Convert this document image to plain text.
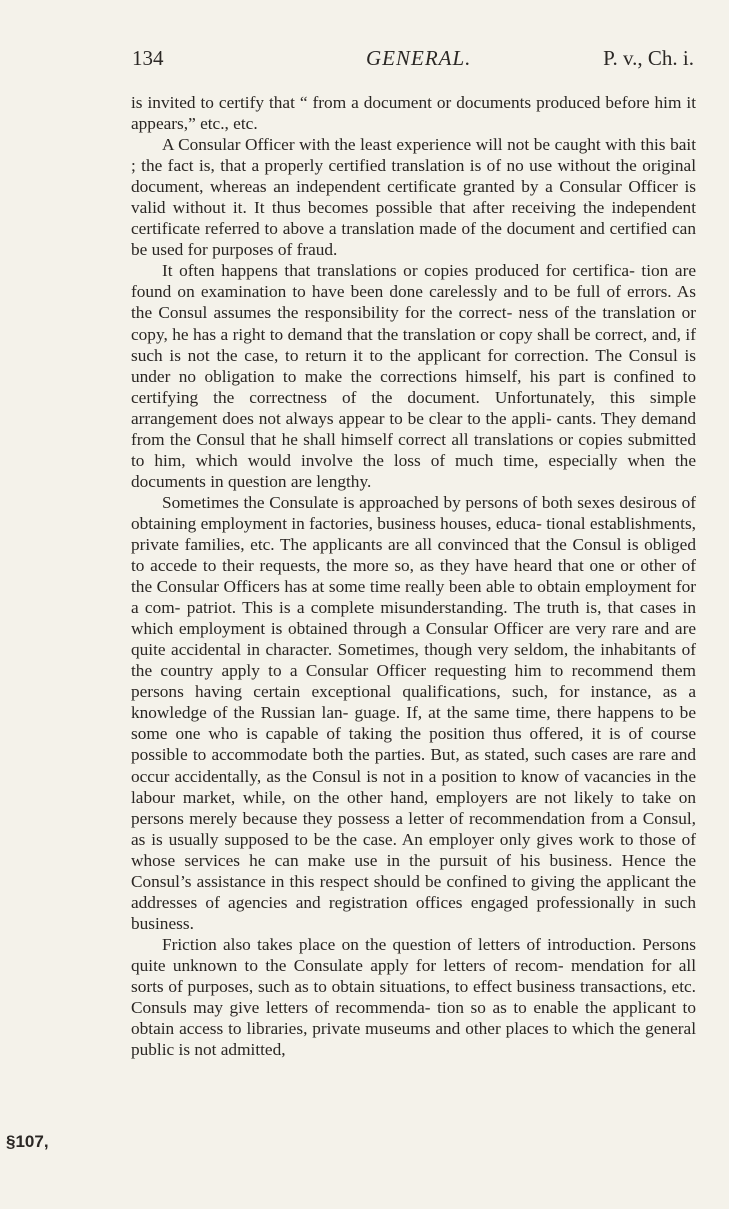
134	GENERAL.	P. v., Ch. i.

is invited to certify that “ from a document or documents produced before him it appears,” etc., etc.

A Consular Officer with the least experience will not be caught with this bait ; the fact is, that a properly certified translation is of no use without the original document, whereas an independent certificate granted by a Consular Officer is valid without it. It thus becomes possible that after receiving the independent certificate referred to above a translation made of the document and certified can be used for purposes of fraud.

It often happens that translations or copies produced for certifica- tion are found on examination to have been done carelessly and to be full of errors. As the Consul assumes the responsibility for the correct- ness of the translation or copy, he has a right to demand that the translation or copy shall be correct, and, if such is not the case, to return it to the applicant for correction. The Consul is under no obligation to make the corrections himself, his part is confined to certifying the correctness of the document. Unfortunately, this simple arrangement does not always appear to be clear to the appli- cants. They demand from the Consul that he shall himself correct all translations or copies submitted to him, which would involve the loss of much time, especially when the documents in question are lengthy.

Sometimes the Consulate is approached by persons of both sexes desirous of obtaining employment in factories, business houses, educa- tional establishments, private families, etc. The applicants are all convinced that the Consul is obliged to accede to their requests, the more so, as they have heard that one or other of the Consular Officers has at some time really been able to obtain employment for a com- patriot. This is a complete misunderstanding. The truth is, that cases in which employment is obtained through a Consular Officer are very rare and are quite accidental in character. Sometimes, though very seldom, the inhabitants of the country apply to a Consular Officer requesting him to recommend them persons having certain exceptional qualifications, such, for instance, as a knowledge of the Russian lan- guage. If, at the same time, there happens to be some one who is capable of taking the position thus offered, it is of course possible to accommodate both the parties. But, as stated, such cases are rare and occur accidentally, as the Consul is not in a position to know of vacancies in the labour market, while, on the other hand, employers are not likely to take on persons merely because they possess a letter of recommendation from a Consul, as is usually supposed to be the case. An employer only gives work to those of whose services he can make use in the pursuit of his business. Hence the Consul’s assistance in this respect should be confined to giving the applicant the addresses of agencies and registration offices engaged professionally in such business.

Friction also takes place on the question of letters of introduction. Persons quite unknown to the Consulate apply for letters of recom- mendation for all sorts of purposes, such as to obtain situations, to effect business transactions, etc. Consuls may give letters of recommenda- tion so as to enable the applicant to obtain access to libraries, private museums and other places to which the general public is not admitted,

§107,
